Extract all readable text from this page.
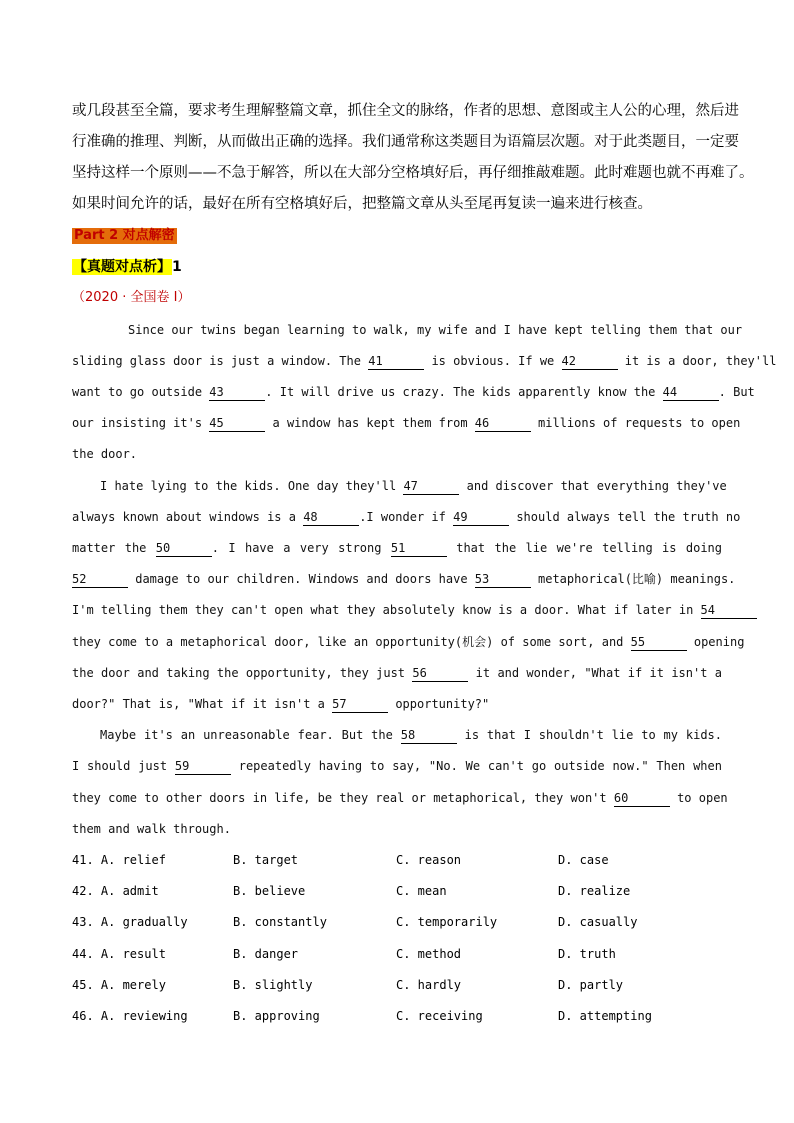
或几段甚至全篇，要求考生理解整篇文章，抓住全文的脉络，作者的思想、意图或主人公的心理，然后进

行准确的推理、判断，从而做出正确的选择。我们通常称这类题目为语篇层次题。对于此类题目，一定要

坚持这样一个原则——不急于解答，所以在大部分空格填好后，再仔细推敲难题。此时难题也就不再难了。

如果时间允许的话，最好在所有空格填好后，把整篇文章从头至尾再复读一遍来进行核查。

Part 2 对点解密
【真题对点析】1
（2020 · 全国卷 I）
Since our twins began learning to walk, my wife and I have kept telling them that our
sliding glass door is just a window. The 41	is obvious. If we 42	it is a door, they'll
want to go outside 43	. It will drive us crazy. The kids apparently know the 44	. But
our insisting it's 45	a window has kept them from 46	millions of requests to open
the door.
I hate lying to the kids. One day they'll 47	and discover that everything they've
always known about windows is a 48	.I wonder if 49	should always tell the truth no
matter the 50	. I have a very strong 51	that the lie we're telling is doing
52	damage to our children. Windows and doors have 53	metaphorical(比喻) meanings.
I'm telling them they can't open what they absolutely know is a door. What if later in 54
they come to a metaphorical door, like an opportunity(机会) of some sort, and 55	opening
the door and taking the opportunity, they just 56	it and wonder, "What if it isn't a
door?" That is, "What if it isn't a 57	opportunity?"
Maybe it's an unreasonable fear. But the 58	is that I shouldn't lie to my kids.
I should just 59	repeatedly having to say, "No. We can't go outside now." Then when
they come to other doors in life, be they real or metaphorical, they won't 60	to open
them and walk through.
41. A. relief	B. target	C. reason	D. case
42. A. admit	B. believe	C. mean	D. realize
43. A. gradually	B. constantly	C. temporarily	D. casually
44. A. result	B. danger	C. method	D. truth
45. A. merely	B. slightly	C. hardly	D. partly
46. A. reviewing	B. approving	C. receiving	D. attempting
